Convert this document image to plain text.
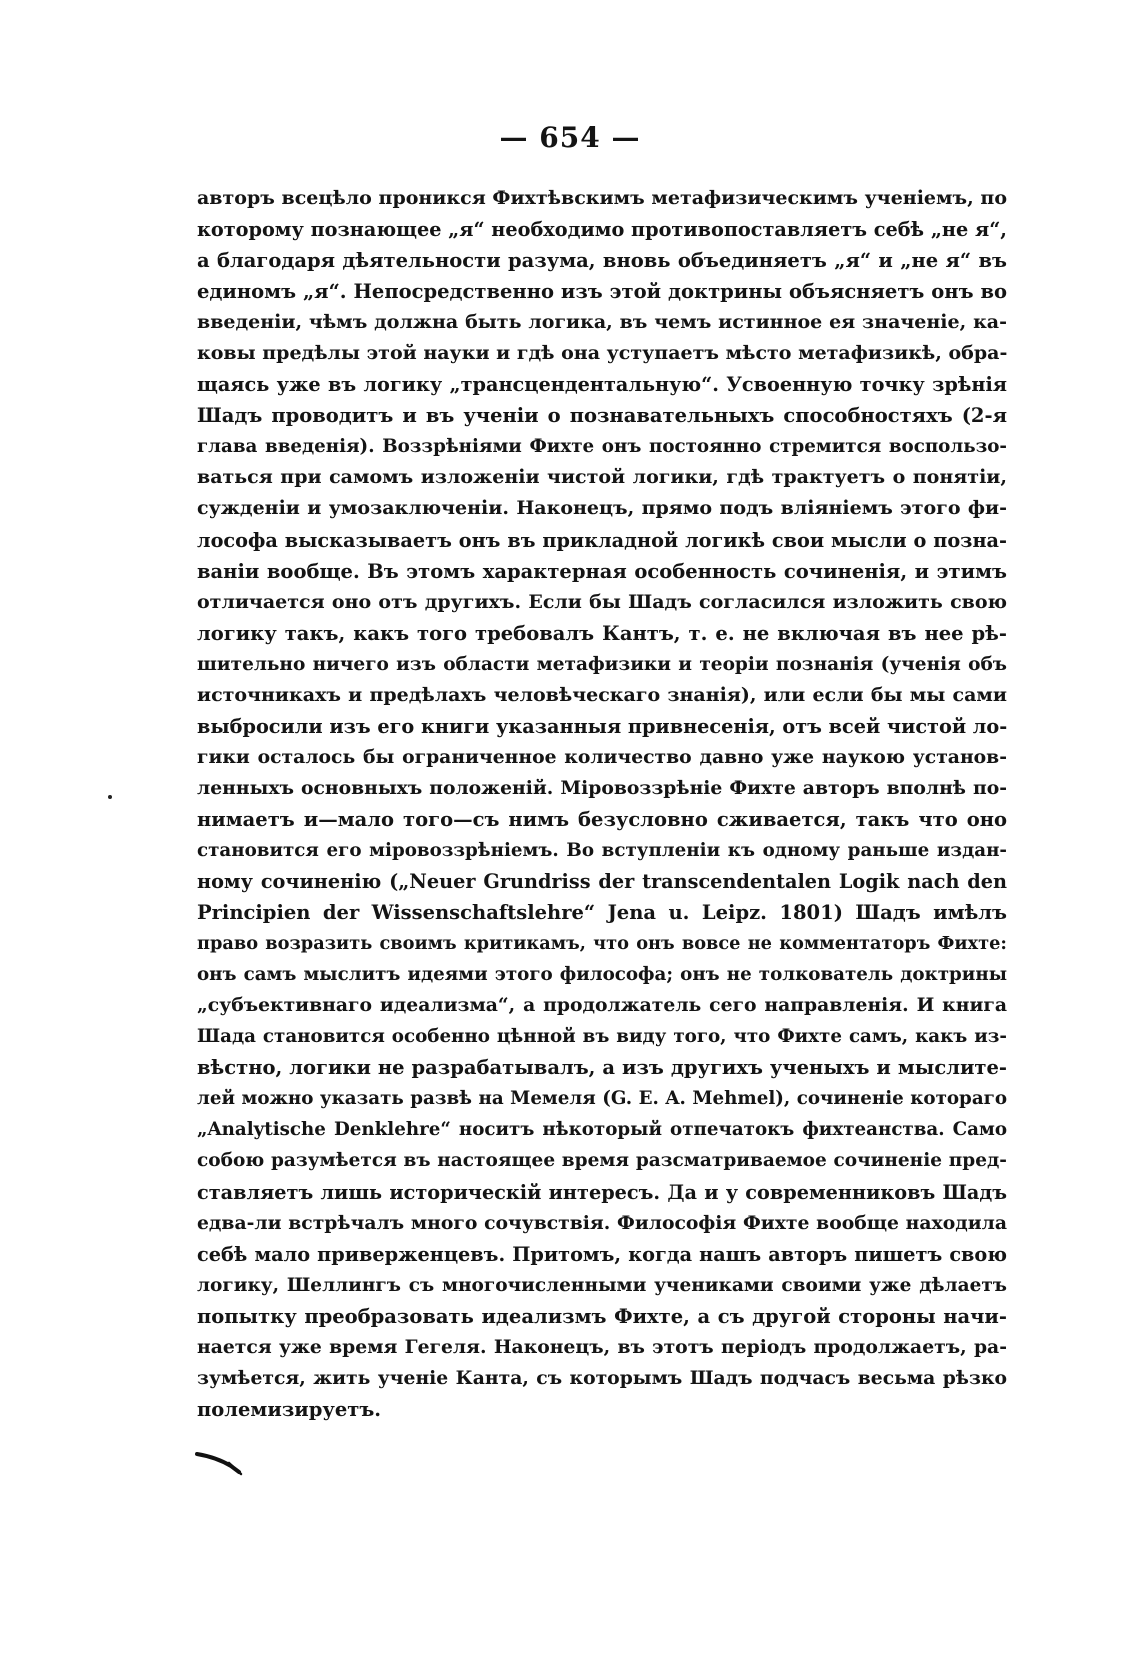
— 654 —
авторъ всецѣло проникся Фихтѣвскимъ метафизическимъ ученіемъ, по
которому познающее „я“ необходимо противопоставляетъ себѣ „не я“,
а благодаря дѣятельности разума, вновь объединяетъ „я“ и „не я“ въ
единомъ „я“. Непосредственно изъ этой доктрины объясняетъ онъ во
введеніи, чѣмъ должна быть логика, въ чемъ истинное ея значеніе, ка-
ковы предѣлы этой науки и гдѣ она уступаетъ мѣсто метафизикѣ, обра-
щаясь уже въ логику „трансцендентальную“. Усвоенную точку зрѣнія
Шадъ проводитъ и въ ученіи о познавательныхъ способностяхъ (2-я
глава введенія). Воззрѣніями Фихте онъ постоянно стремится воспользо-
ваться при самомъ изложеніи чистой логики, гдѣ трактуетъ о понятіи,
сужденіи и умозаключеніи. Наконецъ, прямо подъ вліяніемъ этого фи-
лософа высказываетъ онъ въ прикладной логикѣ свои мысли о позна-
ваніи вообще. Въ этомъ характерная особенность сочиненія, и этимъ
отличается оно отъ другихъ. Если бы Шадъ согласился изложить свою
логику такъ, какъ того требовалъ Кантъ, т. е. не включая въ нее рѣ-
шительно ничего изъ области метафизики и теоріи познанія (ученія объ
источникахъ и предѣлахъ человѣческаго знанія), или если бы мы сами
выбросили изъ его книги указанныя привнесенія, отъ всей чистой ло-
гики осталось бы ограниченное количество давно уже наукою установ-
ленныхъ основныхъ положеній. Міровоззрѣніе Фихте авторъ вполнѣ по-
нимаетъ и—мало того—съ нимъ безусловно сживается, такъ что оно
становится его міровоззрѣніемъ. Во вступленіи къ одному раньше издан-
ному сочиненію („Neuer Grundriss der transcendentalen Logik nach den
Principien der Wissenschaftslehre“ Jena u. Leipz. 1801) Шадъ имѣлъ
право возразить своимъ критикамъ, что онъ вовсе не комментаторъ Фихте:
онъ самъ мыслитъ идеями этого философа; онъ не толкователь доктрины
„субъективнаго идеализма“, а продолжатель сего направленія. И книга
Шада становится особенно цѣнной въ виду того, что Фихте самъ, какъ из-
вѣстно, логики не разрабатывалъ, а изъ другихъ ученыхъ и мыслите-
лей можно указать развѣ на Мемеля (G. E. A. Mehmel), сочиненіе котораго
„Analytische Denklehre“ носитъ нѣкоторый отпечатокъ фихтеанства. Само
собою разумѣется въ настоящее время разсматриваемое сочиненіе пред-
ставляетъ лишь историческій интересъ. Да и у современниковъ Шадъ
едва-ли встрѣчалъ много сочувствія. Философія Фихте вообще находила
себѣ мало приверженцевъ. Притомъ, когда нашъ авторъ пишетъ свою
логику, Шеллингъ съ многочисленными учениками своими уже дѣлаетъ
попытку преобразовать идеализмъ Фихте, а съ другой стороны начи-
нается уже время Гегеля. Наконецъ, въ этотъ періодъ продолжаетъ, ра-
зумѣется, жить ученіе Канта, съ которымъ Шадъ подчасъ весьма рѣзко
полемизируетъ.
